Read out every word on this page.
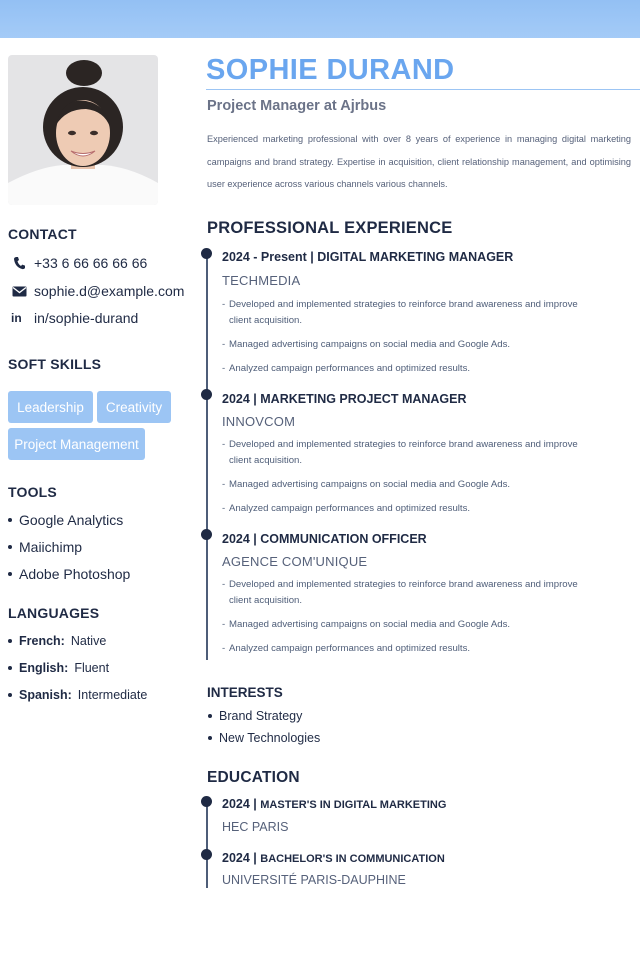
CONTACT
+33 6 66 66 66 66
sophie.d@example.com
in in/sophie-durand
SOFT SKILLS
Leadership	Creativity
Project Management
TOOLS
Google Analytics
Maiichimp
Adobe Photoshop
LANGUAGES
French: Native
English: Fluent
Spanish: Intermediate
SOPHIE DURAND
Project Manager at Ajrbus
Experienced marketing professional with over 8 years of experience in managing digital marketing campaigns and brand strategy. Expertise in acquisition, client relationship management, and optimising user experience across various channels various channels.
PROFESSIONAL EXPERIENCE
2024 - Present | DIGITAL MARKETING MANAGER
TECHMEDIA
- Developed and implemented strategies to reinforce brand awareness and improve client acquisition.
- Managed advertising campaigns on social media and Google Ads.
- Analyzed campaign performances and optimized results.
2024 | MARKETING PROJECT MANAGER
INNOVCOM
- Developed and implemented strategies to reinforce brand awareness and improve client acquisition.
- Managed advertising campaigns on social media and Google Ads.
- Analyzed campaign performances and optimized results.
2024 | COMMUNICATION OFFICER
AGENCE COM'UNIQUE
- Developed and implemented strategies to reinforce brand awareness and improve client acquisition.
- Managed advertising campaigns on social media and Google Ads.
- Analyzed campaign performances and optimized results.
INTERESTS
Brand Strategy
New Technologies
EDUCATION
2024 | MASTER'S IN DIGITAL MARKETING
HEC PARIS
2024 | BACHELOR'S IN COMMUNICATION
UNIVERSITÉ PARIS-DAUPHINE
